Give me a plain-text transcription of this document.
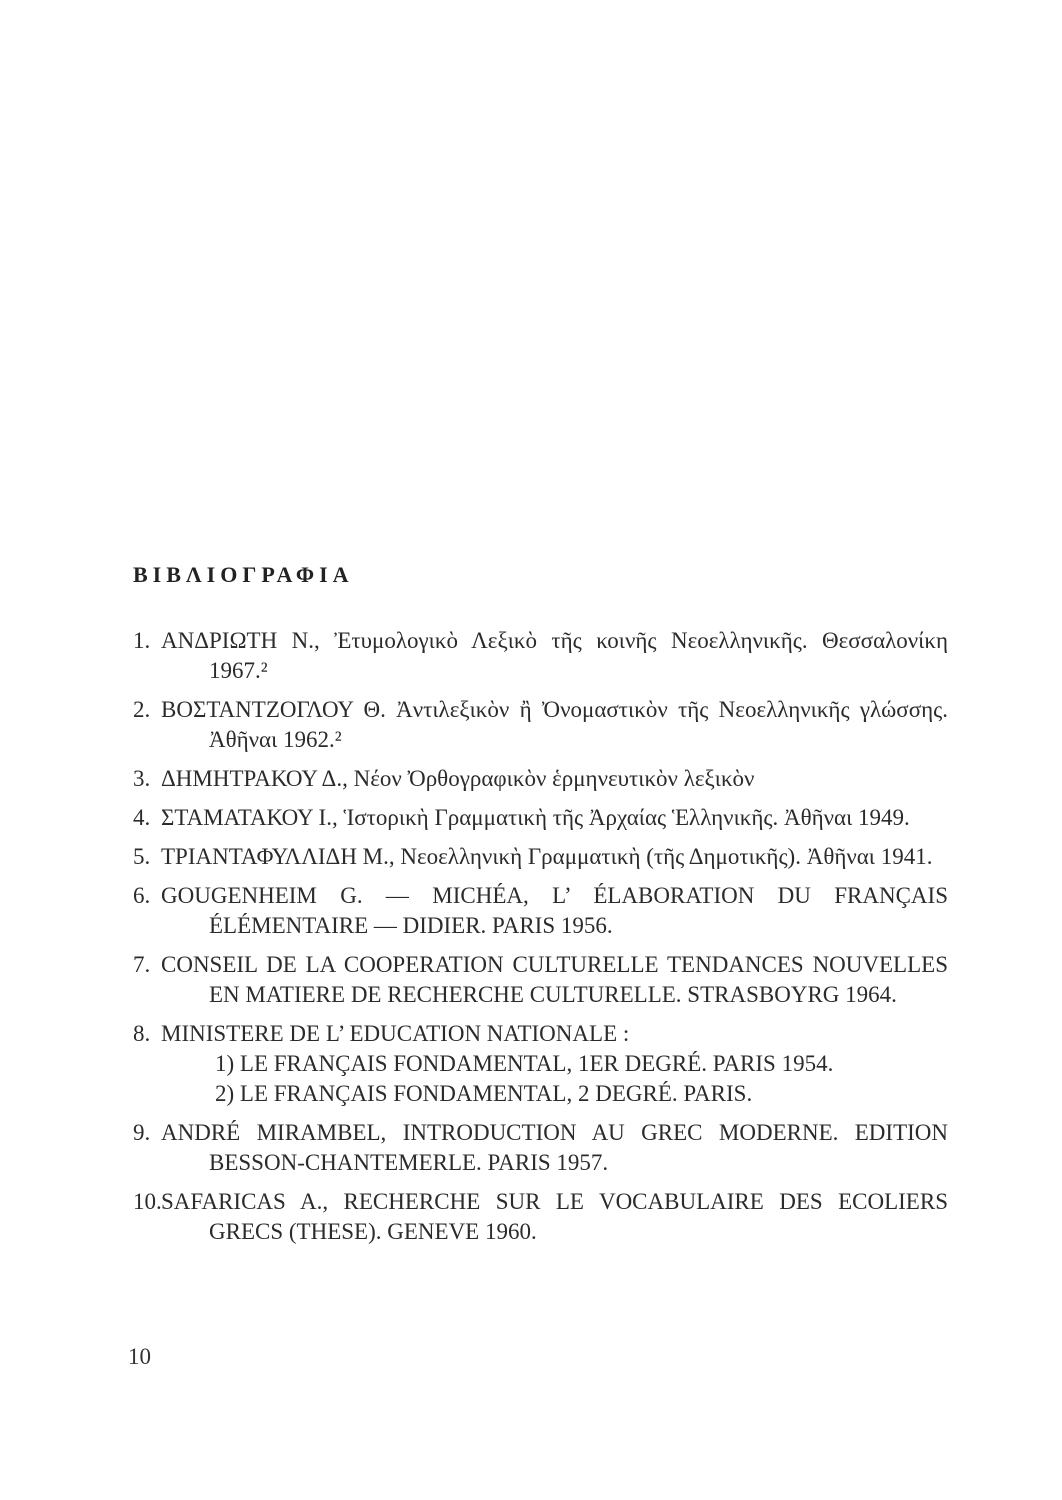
ΒΙΒΛΙΟΓΡΑΦΙΑ
1. ΑΝΔΡΙΩΤΗ Ν., Ἐτυμολογικὸ Λεξικὸ τῆς κοινῆς Νεοελληνικῆς. Θεσσαλονίκη 1967.²
2. ΒΟΣΤΑΝΤΖΟΓΛΟΥ Θ. Ἀντιλεξικὸν ἢ Ὀνομαστικὸν τῆς Νεοελληνικῆς γλώσσης. Ἀθῆναι 1962.²
3. ΔΗΜΗΤΡΑΚΟΥ Δ., Νέον Ὀρθογραφικὸν ἑρμηνευτικὸν λεξικὸν
4. ΣΤΑΜΑΤΑΚΟΥ Ι., Ἱστορικὴ Γραμματικὴ τῆς Ἀρχαίας Ἑλληνικῆς. Ἀθῆναι 1949.
5. ΤΡΙΑΝΤΑΦΥΛΛΙΔΗ Μ., Νεοελληνικὴ Γραμματικὴ (τῆς Δημοτικῆς). Ἀθῆναι 1941.
6. GOUGENHEIM G. — MICHÉA, L’ ÉLABORATION DU FRANÇAIS ÉLÉMENTAIRE — DIDIER. PARIS 1956.
7. CONSEIL DE LA COOPERATION CULTURELLE TENDANCES NOUVELLES EN MATIERE DE RECHERCHE CULTURELLE. STRASBOYRG 1964.
8. MINISTERE DE L’ EDUCATION NATIONALE :
1) LE FRANÇAIS FONDAMENTAL, 1ER DEGRÉ. PARIS 1954.
2) LE FRANÇAIS FONDAMENTAL, 2 DEGRÉ. PARIS.
9. ANDRÉ MIRAMBEL, INTRODUCTION AU GREC MODERNE. EDITION BESSON-CHANTEMERLE. PARIS 1957.
10. SAFARICAS A., RECHERCHE SUR LE VOCABULAIRE DES ECOLIERS GRECS (THESE). GENEVE 1960.
10
